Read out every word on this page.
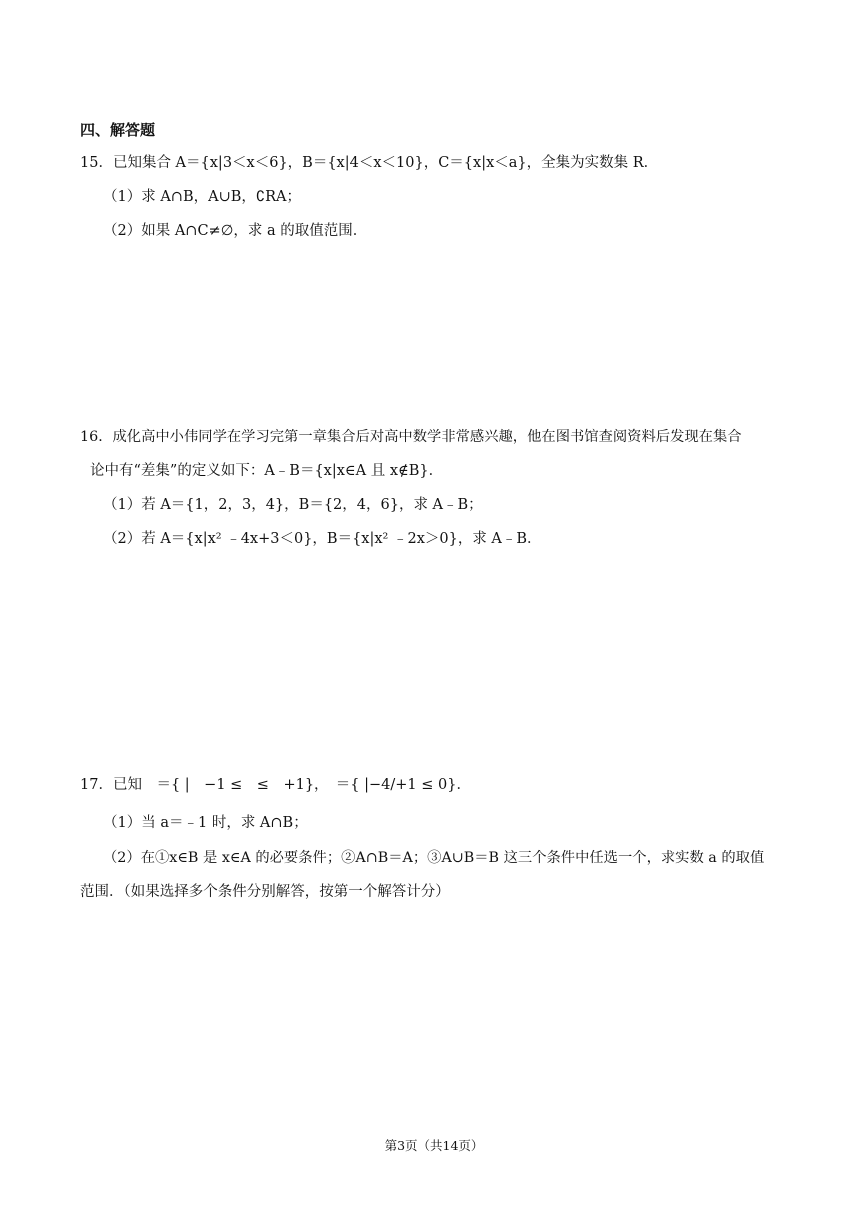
四、解答题
15．已知集合 A＝{x|3＜x＜6}，B＝{x|4＜x＜10}，C＝{x|x＜a}，全集为实数集 R．
（1）求 A∩B，A∪B，∁RA；
（2）如果 A∩C≠∅，求 a 的取值范围．
16．成化高中小伟同学在学习完第一章集合后对高中数学非常感兴趣，他在图书馆查阅资料后发现在集合
论中有“差集”的定义如下：A﹣B＝{x|x∈A 且 x∉B}．
（1）若 A＝{1，2，3，4}，B＝{2，4，6}，求 A﹣B；
（2）若 A＝{x|x² ﹣4x+3＜0}，B＝{x|x² ﹣2x＞0}，求 A﹣B．
17．已知　＝{ |　−1 ≤　≤　+1}，　＝{ |−4/+1 ≤ 0}．
（1）当 a＝﹣1 时，求 A∩B；
（2）在①x∈B 是 x∈A 的必要条件；②A∩B＝A；③A∪B＝B 这三个条件中任选一个，求实数 a 的取值
范围．（如果选择多个条件分别解答，按第一个解答计分）
第3页（共14页）
